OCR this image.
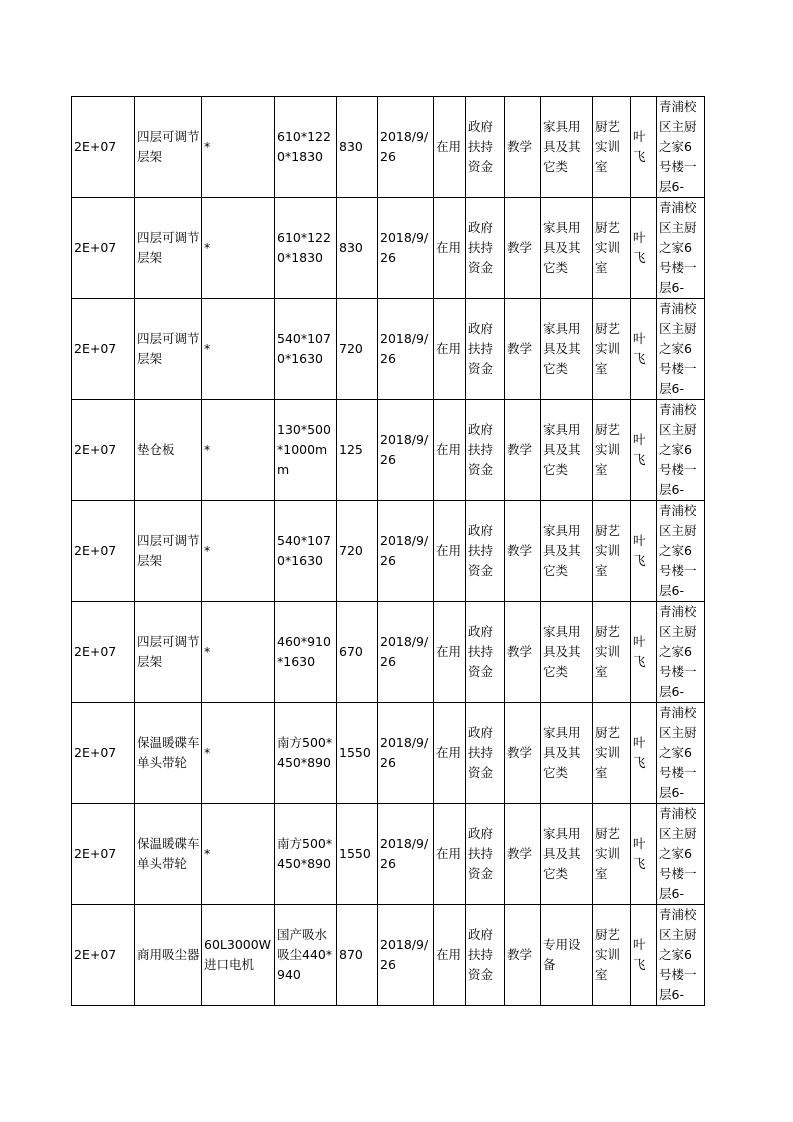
2E+07	四层可调节层架	*	610*1220*1830	830	2018/9/26	在用	政府扶持资金	教学	家具用具及其它类	厨艺实训室	叶飞	青浦校区主厨之家6号楼一层6-
2E+07	四层可调节层架	*	610*1220*1830	830	2018/9/26	在用	政府扶持资金	教学	家具用具及其它类	厨艺实训室	叶飞	青浦校区主厨之家6号楼一层6-
2E+07	四层可调节层架	*	540*1070*1630	720	2018/9/26	在用	政府扶持资金	教学	家具用具及其它类	厨艺实训室	叶飞	青浦校区主厨之家6号楼一层6-
2E+07	垫仓板	*	130*500*1000mm	125	2018/9/26	在用	政府扶持资金	教学	家具用具及其它类	厨艺实训室	叶飞	青浦校区主厨之家6号楼一层6-
2E+07	四层可调节层架	*	540*1070*1630	720	2018/9/26	在用	政府扶持资金	教学	家具用具及其它类	厨艺实训室	叶飞	青浦校区主厨之家6号楼一层6-
2E+07	四层可调节层架	*	460*910*1630	670	2018/9/26	在用	政府扶持资金	教学	家具用具及其它类	厨艺实训室	叶飞	青浦校区主厨之家6号楼一层6-
2E+07	保温暖碟车单头带轮	*	南方500*450*890	1550	2018/9/26	在用	政府扶持资金	教学	家具用具及其它类	厨艺实训室	叶飞	青浦校区主厨之家6号楼一层6-
2E+07	保温暖碟车单头带轮	*	南方500*450*890	1550	2018/9/26	在用	政府扶持资金	教学	家具用具及其它类	厨艺实训室	叶飞	青浦校区主厨之家6号楼一层6-
2E+07	商用吸尘器	60L3000W进口电机	国产吸水吸尘440*940	870	2018/9/26	在用	政府扶持资金	教学	专用设备	厨艺实训室	叶飞	青浦校区主厨之家6号楼一层6-
